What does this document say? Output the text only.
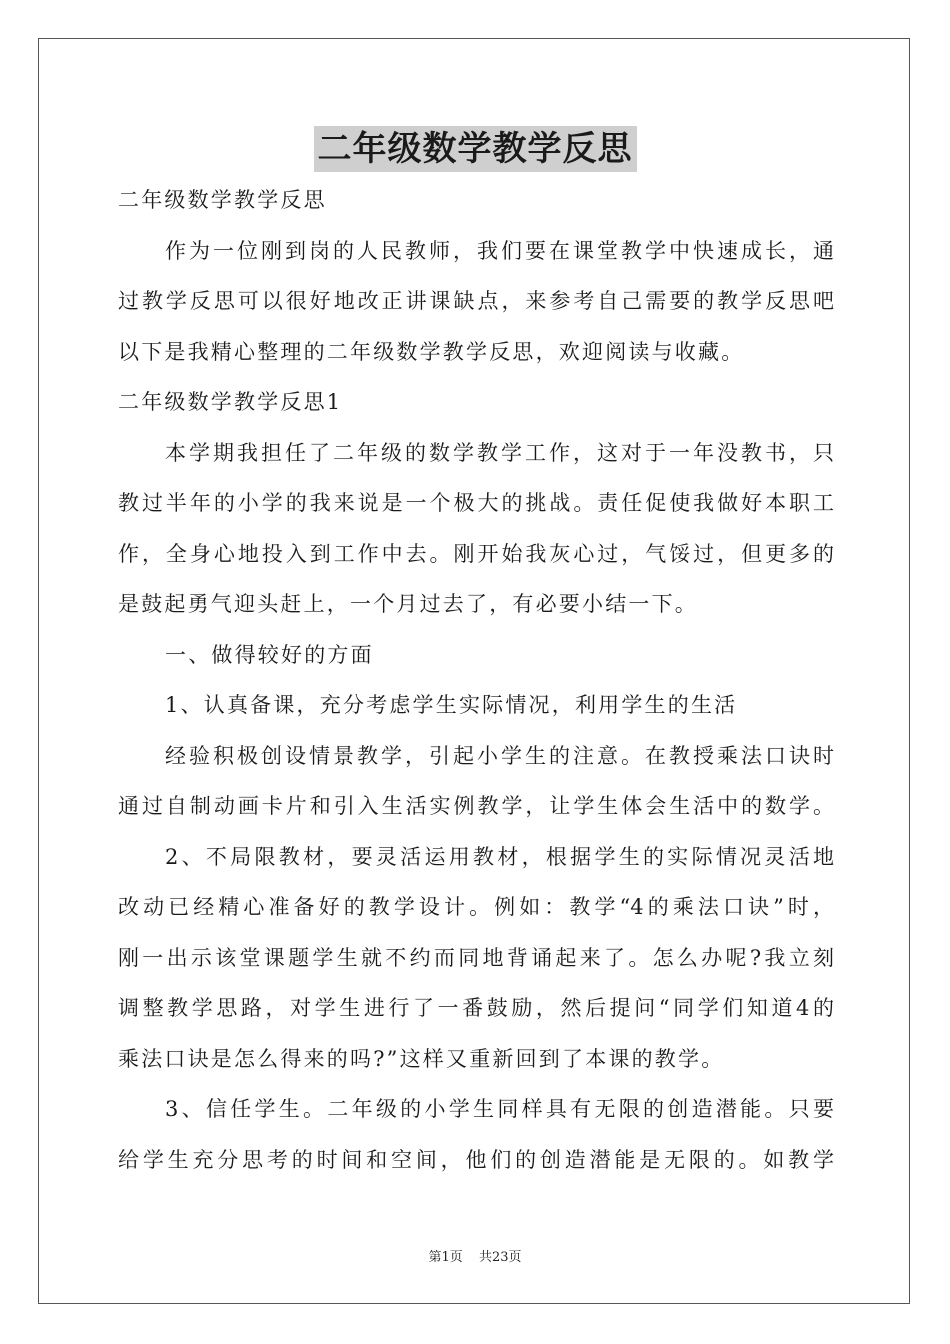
二年级数学教学反思
二年级数学教学反思
作为一位刚到岗的人民教师，我们要在课堂教学中快速成长，通
过教学反思可以很好地改正讲课缺点，来参考自己需要的教学反思吧
以下是我精心整理的二年级数学教学反思，欢迎阅读与收藏。
二年级数学教学反思1
本学期我担任了二年级的数学教学工作，这对于一年没教书，只
教过半年的小学的我来说是一个极大的挑战。责任促使我做好本职工
作，全身心地投入到工作中去。刚开始我灰心过，气馁过，但更多的
是鼓起勇气迎头赶上，一个月过去了，有必要小结一下。
一、做得较好的方面
1、认真备课，充分考虑学生实际情况，利用学生的生活
经验积极创设情景教学，引起小学生的注意。在教授乘法口诀时
通过自制动画卡片和引入生活实例教学，让学生体会生活中的数学。
2、不局限教材，要灵活运用教材，根据学生的实际情况灵活地
改动已经精心准备好的教学设计。例如：教学“4的乘法口诀”时，
刚一出示该堂课题学生就不约而同地背诵起来了。怎么办呢?我立刻
调整教学思路，对学生进行了一番鼓励，然后提问“同学们知道4的
乘法口诀是怎么得来的吗?”这样又重新回到了本课的教学。
3、信任学生。二年级的小学生同样具有无限的创造潜能。只要
给学生充分思考的时间和空间，他们的创造潜能是无限的。如教学
第1页 共23页
